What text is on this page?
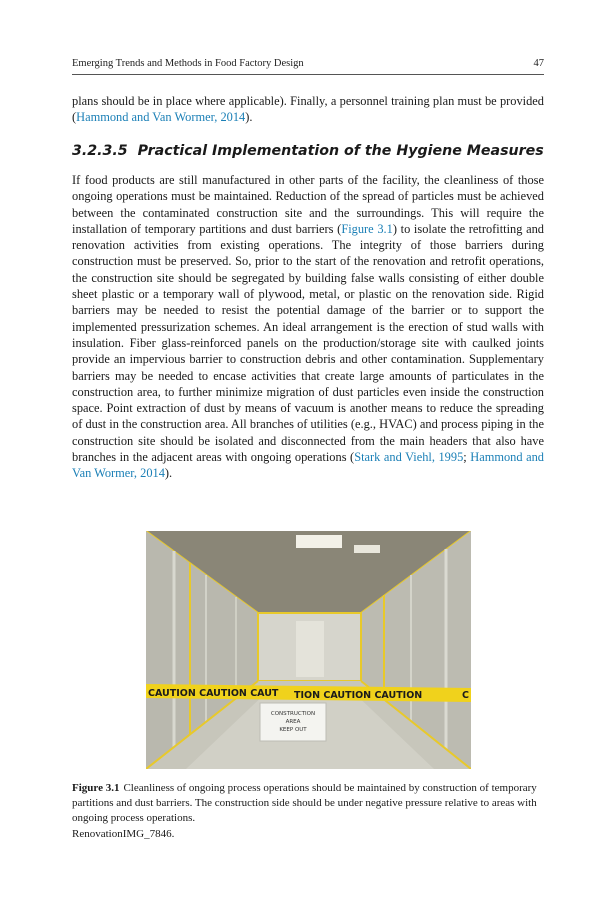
Emerging Trends and Methods in Food Factory Design	47

plans should be in place where applicable). Finally, a personnel training plan must be provided (Hammond and Van Wormer, 2014).

3.2.3.5 Practical Implementation of the Hygiene Measures

If food products are still manufactured in other parts of the facility, the cleanliness of those ongoing operations must be maintained. Reduction of the spread of particles must be achieved between the contaminated construction site and the surroundings. This will require the installation of temporary partitions and dust barriers (Figure 3.1) to isolate the retrofitting and renovation activities from existing operations. The integrity of those barriers during construction must be preserved. So, prior to the start of the renovation and retrofit operations, the construction site should be segregated by building false walls consisting of either double sheet plastic or a temporary wall of plywood, metal, or plastic on the renovation side. Rigid barriers may be needed to resist the potential damage of the barrier or to support the implemented pressurization schemes. An ideal arrangement is the erection of stud walls with insulation. Fiber glass-reinforced panels on the production/storage site with caulked joints provide an impervious barrier to construction debris and other contamination. Supplementary barriers may be needed to encase activities that create large amounts of particulates in the construction area, to further minimize migration of dust particles even inside the construction space. Point extraction of dust by means of vacuum is another means to reduce the spreading of dust in the construction area. All branches of utilities (e.g., HVAC) and process piping in the construction site should be isolated and disconnected from the main headers that also have branches in the adjacent areas with ongoing operations (Stark and Viehl, 1995; Hammond and Van Wormer, 2014).

CAUTION CAUTION CAUT TION CAUTION CAUTION	C
CONSTRUCTION
AREA
KEEP OUT

Figure 3.1 Cleanliness of ongoing process operations should be maintained by construction of temporary partitions and dust barriers. The construction side should be under negative pressure relative to areas with ongoing process operations.
RenovationIMG_7846.
